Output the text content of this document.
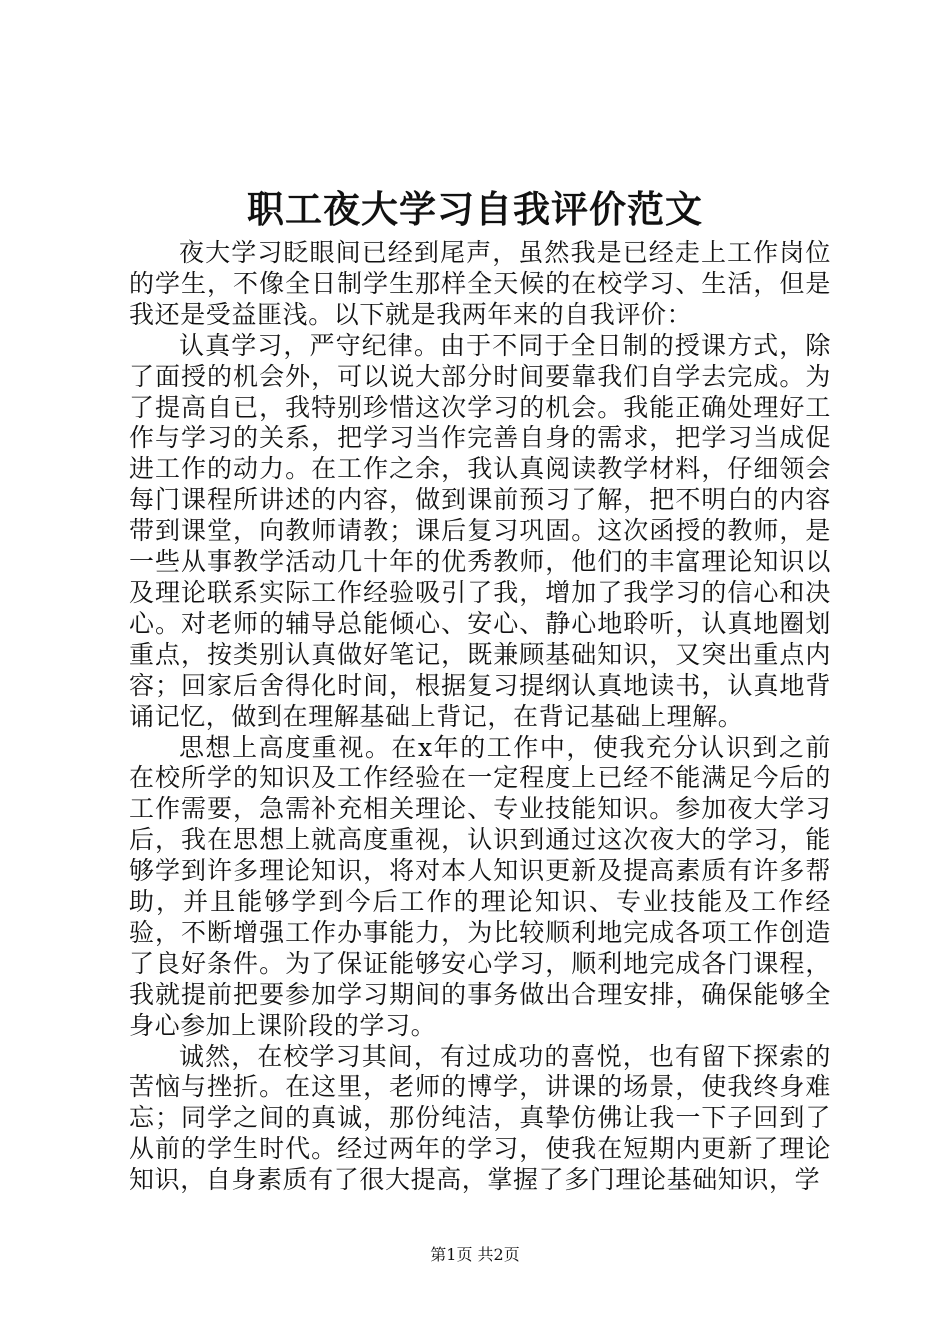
职工夜大学习自我评价范文

夜大学习眨眼间已经到尾声，虽然我是已经走上工作岗位的学生，不像全日制学生那样全天候的在校学习、生活，但是我还是受益匪浅。以下就是我两年来的自我评价：

认真学习，严守纪律。由于不同于全日制的授课方式，除了面授的机会外，可以说大部分时间要靠我们自学去完成。为了提高自已，我特别珍惜这次学习的机会。我能正确处理好工作与学习的关系，把学习当作完善自身的需求，把学习当成促进工作的动力。在工作之余，我认真阅读教学材料，仔细领会每门课程所讲述的内容，做到课前预习了解，把不明白的内容带到课堂，向教师请教；课后复习巩固。这次函授的教师，是一些从事教学活动几十年的优秀教师，他们的丰富理论知识以及理论联系实际工作经验吸引了我，增加了我学习的信心和决心。对老师的辅导总能倾心、安心、静心地聆听，认真地圈划重点，按类别认真做好笔记，既兼顾基础知识，又突出重点内容；回家后舍得化时间，根据复习提纲认真地读书，认真地背诵记忆，做到在理解基础上背记，在背记基础上理解。

思想上高度重视。在x年的工作中，使我充分认识到之前在校所学的知识及工作经验在一定程度上已经不能满足今后的工作需要，急需补充相关理论、专业技能知识。参加夜大学习后，我在思想上就高度重视，认识到通过这次夜大的学习，能够学到许多理论知识，将对本人知识更新及提高素质有许多帮助，并且能够学到今后工作的理论知识、专业技能及工作经验，不断增强工作办事能力，为比较顺利地完成各项工作创造了良好条件。为了保证能够安心学习，顺利地完成各门课程，我就提前把要参加学习期间的事务做出合理安排，确保能够全身心参加上课阶段的学习。

诚然，在校学习其间，有过成功的喜悦，也有留下探索的苦恼与挫折。在这里，老师的博学，讲课的场景，使我终身难忘；同学之间的真诚，那份纯洁，真挚仿佛让我一下子回到了从前的学生时代。经过两年的学习，使我在短期内更新了理论知识，自身素质有了很大提高，掌握了多门理论基础知识，学

第1页 共2页
